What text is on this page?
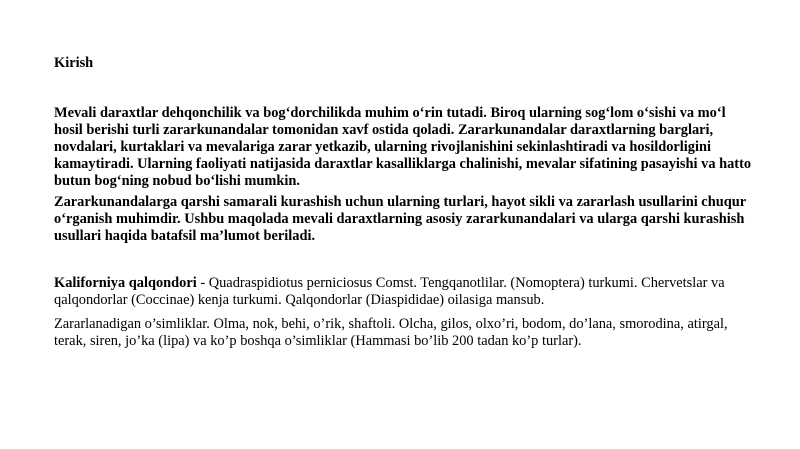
Kirish

Mevali daraxtlar dehqonchilik va bog‘dorchilikda muhim o‘rin tutadi. Biroq ularning sog‘lom o‘sishi va mo‘l hosil berishi turli zararkunandalar tomonidan xavf ostida qoladi. Zararkunandalar daraxtlarning barglari, novdalari, kurtaklari va mevalariga zarar yetkazib, ularning rivojlanishini sekinlashtiradi va hosildorligini kamaytiradi. Ularning faoliyati natijasida daraxtlar kasalliklarga chalinishi, mevalar sifatining pasayishi va hatto butun bog‘ning nobud bo‘lishi mumkin.

Zararkunandalarga qarshi samarali kurashish uchun ularning turlari, hayot sikli va zararlash usullarini chuqur o‘rganish muhimdir. Ushbu maqolada mevali daraxtlarning asosiy zararkunandalari va ularga qarshi kurashish usullari haqida batafsil ma’lumot beriladi.

Kaliforniya qalqondori - Quadraspidiotus perniciosus Comst. Tengqanotlilar. (Nomoptera) turkumi. Chervetslar va qalqondorlar (Coccinae) kenja turkumi. Qalqondorlar (Diaspididae) oilasiga mansub.

Zararlanadigan o’simliklar. Olma, nok, behi, o’rik, shaftoli. Olcha, gilos, olxo’ri, bodom, do’lana, smorodina, atirgal, terak, siren, jo’ka (lipa) va ko’p boshqa o’simliklar (Hammasi bo’lib 200 tadan ko’p turlar).
